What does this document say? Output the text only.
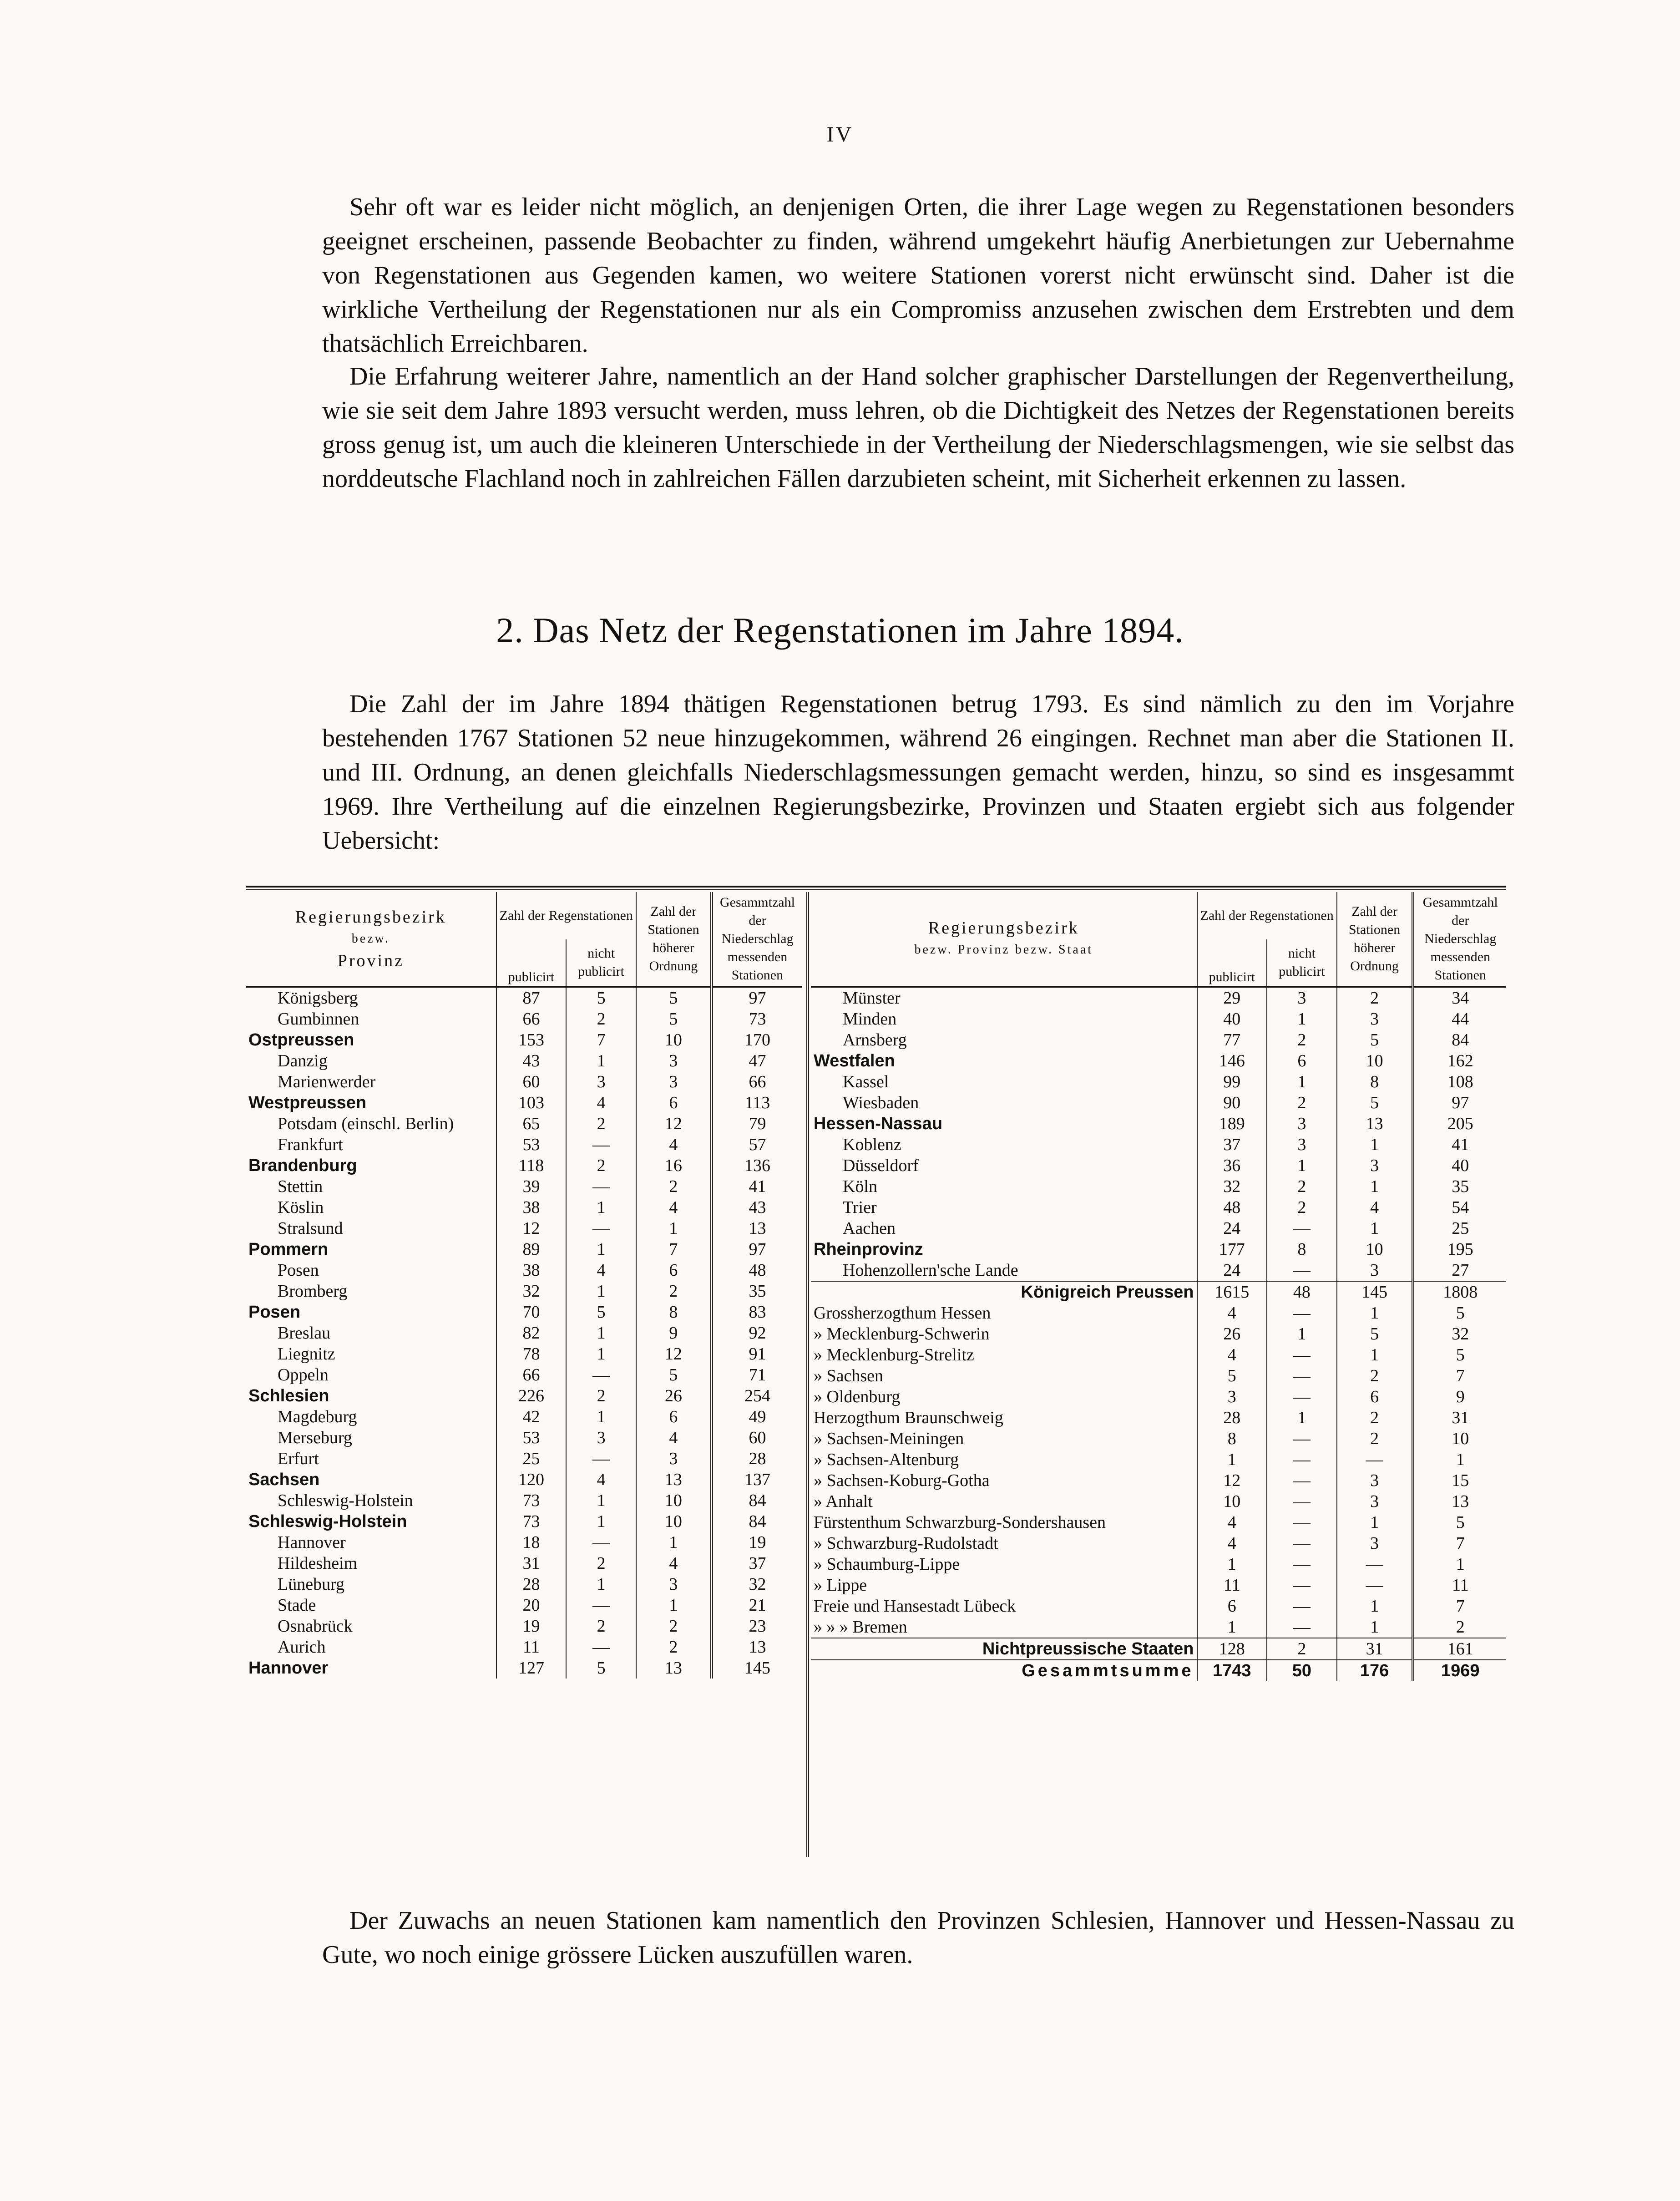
IV

Sehr oft war es leider nicht möglich, an denjenigen Orten, die ihrer Lage wegen zu Regenstationen besonders geeignet erscheinen, passende Beobachter zu finden, während umgekehrt häufig Anerbietungen zur Uebernahme von Regenstationen aus Gegenden kamen, wo weitere Stationen vorerst nicht erwünscht sind. Daher ist die wirkliche Vertheilung der Regenstationen nur als ein Compromiss anzusehen zwischen dem Erstrebten und dem thatsächlich Erreichbaren.

Die Erfahrung weiterer Jahre, namentlich an der Hand solcher graphischer Darstellungen der Regenvertheilung, wie sie seit dem Jahre 1893 versucht werden, muss lehren, ob die Dichtigkeit des Netzes der Regenstationen bereits gross genug ist, um auch die kleineren Unterschiede in der Vertheilung der Niederschlagsmengen, wie sie selbst das norddeutsche Flachland noch in zahlreichen Fällen darzubieten scheint, mit Sicherheit erkennen zu lassen.

2. Das Netz der Regenstationen im Jahre 1894.

Die Zahl der im Jahre 1894 thätigen Regenstationen betrug 1793. Es sind nämlich zu den im Vorjahre bestehenden 1767 Stationen 52 neue hinzugekommen, während 26 eingingen. Rechnet man aber die Stationen II. und III. Ordnung, an denen gleichfalls Niederschlagsmessungen gemacht werden, hinzu, so sind es insgesammt 1969. Ihre Vertheilung auf die einzelnen Regierungsbezirke, Provinzen und Staaten ergiebt sich aus folgender Uebersicht:

Regierungsbezirk
bezw.
Provinz	Zahl der Regenstationen		Zahl der Stationen höherer Ordnung	Gesammtzahl der Niederschlag messenden Stationen
	publicirt	nicht publicirt		
Königsberg	87	5	5	97
Gumbinnen	66	2	5	73
Ostpreussen	153	7	10	170
Danzig	43	1	3	47
Marienwerder	60	3	3	66
Westpreussen	103	4	6	113
Potsdam (einschl. Berlin)	65	2	12	79
Frankfurt	53	—	4	57
Brandenburg	118	2	16	136
Stettin	39	—	2	41
Köslin	38	1	4	43
Stralsund	12	—	1	13
Pommern	89	1	7	97
Posen	38	4	6	48
Bromberg	32	1	2	35
Posen	70	5	8	83
Breslau	82	1	9	92
Liegnitz	78	1	12	91
Oppeln	66	—	5	71
Schlesien	226	2	26	254
Magdeburg	42	1	6	49
Merseburg	53	3	4	60
Erfurt	25	—	3	28
Sachsen	120	4	13	137
Schleswig-Holstein	73	1	10	84
Schleswig-Holstein	73	1	10	84
Hannover	18	—	1	19
Hildesheim	31	2	4	37
Lüneburg	28	1	3	32
Stade	20	—	1	21
Osnabrück	19	2	2	23
Aurich	11	—	2	13
Hannover	127	5	13	145
Regierungsbezirk
bezw. Provinz bezw. Staat	Zahl der Regenstationen		Zahl der Stationen höherer Ordnung	Gesammtzahl der Niederschlag messenden Stationen
	publicirt	nicht publicirt		
Münster	29	3	2	34
Minden	40	1	3	44
Arnsberg	77	2	5	84
Westfalen	146	6	10	162
Kassel	99	1	8	108
Wiesbaden	90	2	5	97
Hessen-Nassau	189	3	13	205
Koblenz	37	3	1	41
Düsseldorf	36	1	3	40
Köln	32	2	1	35
Trier	48	2	4	54
Aachen	24	—	1	25
Rheinprovinz	177	8	10	195
Hohenzollern'sche Lande	24	—	3	27
Königreich Preussen	1615	48	145	1808
Grossherzogthum Hessen	4	—	1	5
» Mecklenburg-Schwerin	26	1	5	32
» Mecklenburg-Strelitz	4	—	1	5
» Sachsen	5	—	2	7
» Oldenburg	3	—	6	9
Herzogthum Braunschweig	28	1	2	31
» Sachsen-Meiningen	8	—	2	10
» Sachsen-Altenburg	1	—	—	1
» Sachsen-Koburg-Gotha	12	—	3	15
» Anhalt	10	—	3	13
Fürstenthum Schwarzburg-Sondershausen	4	—	1	5
» Schwarzburg-Rudolstadt	4	—	3	7
» Schaumburg-Lippe	1	—	—	1
» Lippe	11	—	—	11
Freie und Hansestadt Lübeck	6	—	1	7
» » » Bremen	1	—	1	2
Nichtpreussische Staaten	128	2	31	161
Gesammtsumme	1743	50	176	1969

Der Zuwachs an neuen Stationen kam namentlich den Provinzen Schlesien, Hannover und Hessen-Nassau zu Gute, wo noch einige grössere Lücken auszufüllen waren.
